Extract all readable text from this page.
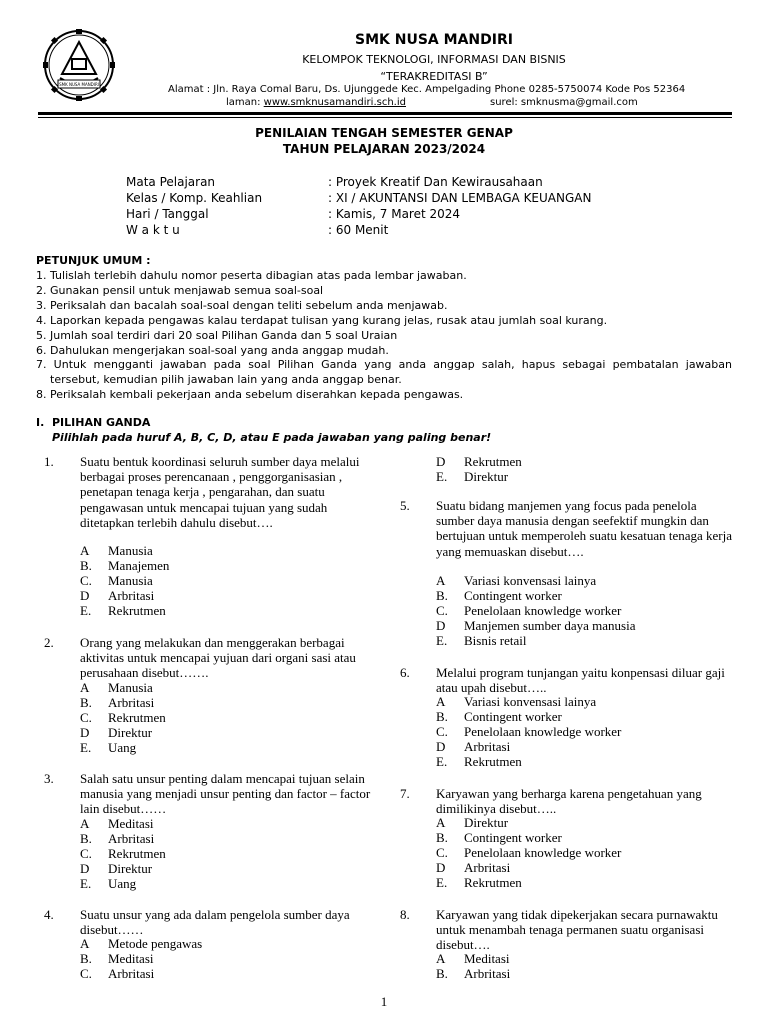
SMK NUSA MANDIRI
SMK NUSA MANDIRI
KELOMPOK TEKNOLOGI, INFORMASI DAN BISNIS
“TERAKREDITASI B”
Alamat : Jln. Raya Comal Baru, Ds. Ujunggede Kec. Ampelgading Phone 0285-5750074 Kode Pos 52364
laman: www.smknusamandiri.sch.id	surel: smknusma@gmail.com
PENILAIAN TENGAH SEMESTER GENAP
TAHUN PELAJARAN 2023/2024
Mata Pelajaran	: Proyek Kreatif Dan Kewirausahaan
Kelas / Komp. Keahlian	: XI / AKUNTANSI DAN LEMBAGA KEUANGAN
Hari / Tanggal	: Kamis, 7 Maret 2024
W a k t u	: 60 Menit
PETUNJUK UMUM :
1. Tulislah terlebih dahulu nomor peserta dibagian atas pada lembar jawaban.
2. Gunakan pensil untuk menjawab semua soal-soal
3. Periksalah dan bacalah soal-soal dengan teliti sebelum anda menjawab.
4. Laporkan kepada pengawas kalau terdapat tulisan yang kurang jelas, rusak atau jumlah soal kurang.
5. Jumlah soal terdiri dari 20 soal Pilihan Ganda dan 5 soal Uraian
6. Dahulukan mengerjakan soal-soal yang anda anggap mudah.
7. Untuk mengganti jawaban pada soal Pilihan Ganda yang anda anggap salah, hapus sebagai pembatalan jawaban
tersebut, kemudian pilih jawaban lain yang anda anggap benar.
8. Periksalah kembali pekerjaan anda sebelum diserahkan kepada pengawas.
I. PILIHAN GANDA
Pilihlah pada huruf A, B, C, D, atau E pada jawaban yang paling benar!
1. Suatu bentuk koordinasi seluruh sumber daya melalui berbagai proses perencanaan , penggorganisasian , penetapan tenaga kerja , pengarahan, dan suatu pengawasan untuk mencapai tujuan yang sudah ditetapkan terlebih dahulu disebut….
A Manusia
B. Manajemen
C. Manusia
D Arbritasi
E. Rekrutmen
2. Orang yang melakukan dan menggerakan berbagai aktivitas untuk mencapai yujuan dari organi sasi atau perusahaan disebut…….
A Manusia
B. Arbritasi
C. Rekrutmen
D Direktur
E. Uang
3. Salah satu unsur penting dalam mencapai tujuan selain manusia yang menjadi unsur penting dan factor – factor lain disebut……
A Meditasi
B. Arbritasi
C. Rekrutmen
D Direktur
E. Uang
4. Suatu unsur yang ada dalam pengelola sumber daya disebut……
A Metode pengawas
B. Meditasi
C. Arbritasi
D Rekrutmen
E. Direktur
5. Suatu bidang manjemen yang focus pada penelola sumber daya manusia dengan seefektif mungkin dan bertujuan untuk memperoleh suatu kesatuan tenaga kerja yang memuaskan disebut….
A Variasi konvensasi lainya
B. Contingent worker
C. Penelolaan knowledge worker
D Manjemen sumber daya manusia
E. Bisnis retail
6. Melalui program tunjangan yaitu konpensasi diluar gaji atau upah disebut…..
A Variasi konvensasi lainya
B. Contingent worker
C. Penelolaan knowledge worker
D Arbritasi
E. Rekrutmen
7. Karyawan yang berharga karena pengetahuan yang dimilikinya disebut…..
A Direktur
B. Contingent worker
C. Penelolaan knowledge worker
D Arbritasi
E. Rekrutmen
8. Karyawan yang tidak dipekerjakan secara purnawaktu untuk menambah tenaga permanen suatu organisasi disebut….
A Meditasi
B. Arbritasi
1
